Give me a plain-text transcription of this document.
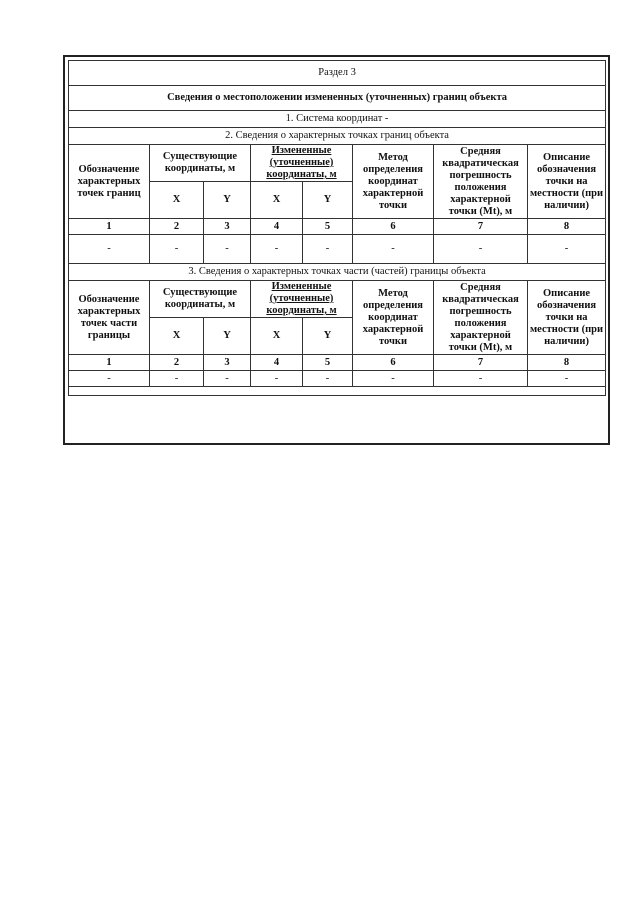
Раздел 3							
Сведения о местоположении измененных (уточненных) границ объекта							
1. Система координат -							
2. Сведения о характерных точках границ объекта							
Обозначение характерных точек границ	Существующие координаты, м		Измененные (уточненные) координаты, м		Метод определения координат характерной точки	Средняя квадратическая погрешность положения характерной точки (Mt), м	Описание обозначения точки на местности (при наличии)
	X	Y	X	Y			
1	2	3	4	5	6	7	8
-	-	-	-	-	-	-	-
3. Сведения о характерных точках части (частей) границы объекта							
Обозначение характерных точек части границы	Существующие координаты, м		Измененные (уточненные) координаты, м		Метод определения координат характерной точки	Средняя квадратическая погрешность положения характерной точки (Mt), м	Описание обозначения точки на местности (при наличии)
	X	Y	X	Y			
1	2	3	4	5	6	7	8
-	-	-	-	-	-	-	-
